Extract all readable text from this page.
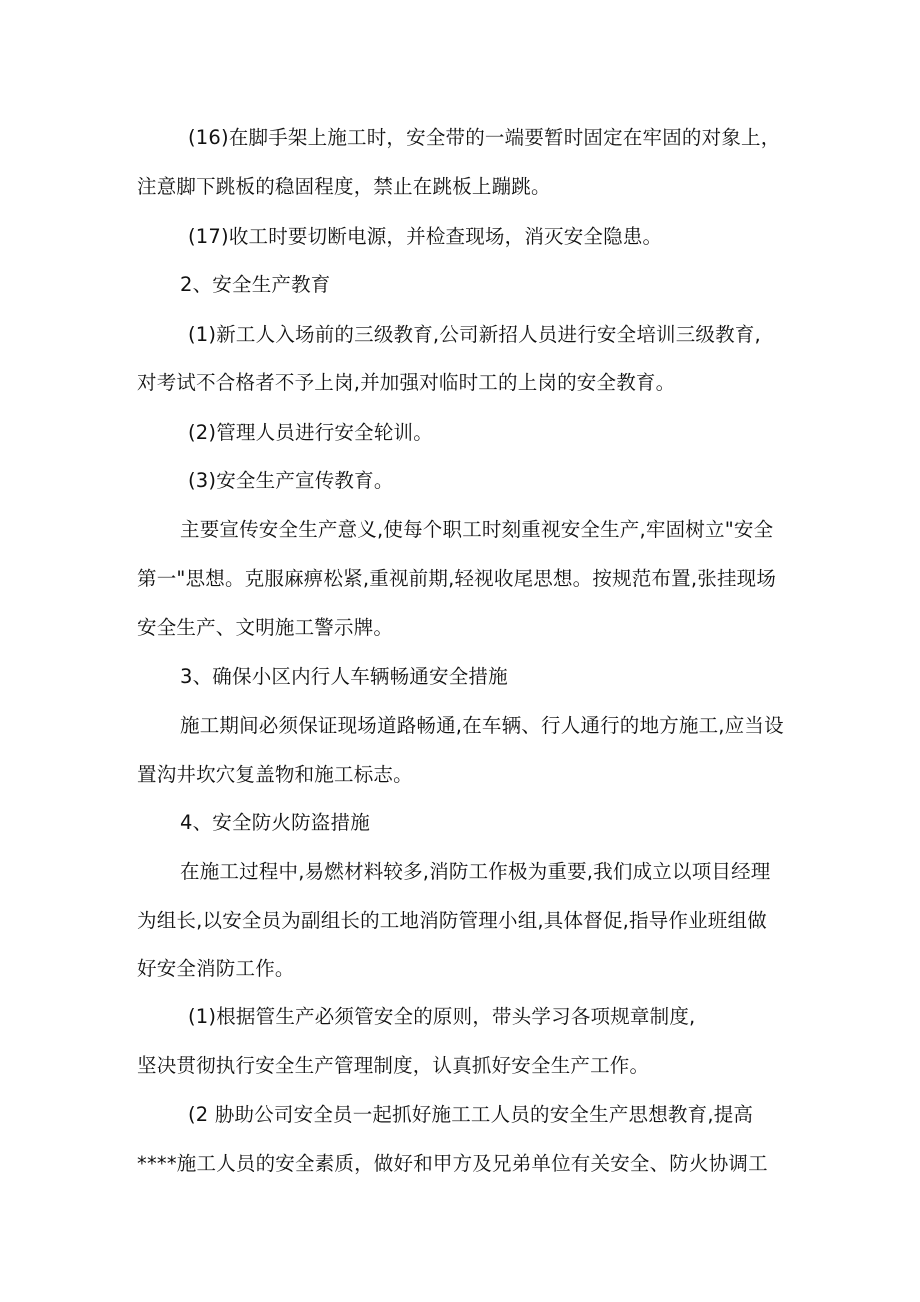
(16)在脚手架上施工时，安全带的一端要暂时固定在牢固的对象上，
注意脚下跳板的稳固程度，禁止在跳板上蹦跳。
(17)收工时要切断电源，并检查现场，消灭安全隐患。
2、安全生产教育
(1)新工人入场前的三级教育,公司新招人员进行安全培训三级教育,
对考试不合格者不予上岗,并加强对临时工的上岗的安全教育。
(2)管理人员进行安全轮训。
(3)安全生产宣传教育。
主要宣传安全生产意义,使每个职工时刻重视安全生产,牢固树立"安全
第一"思想。克服麻痹松紧,重视前期,轻视收尾思想。按规范布置,张挂现场
安全生产、文明施工警示牌。
3、确保小区内行人车辆畅通安全措施
施工期间必须保证现场道路畅通,在车辆、行人通行的地方施工,应当设
置沟井坎穴复盖物和施工标志。
4、安全防火防盗措施
在施工过程中,易燃材料较多,消防工作极为重要,我们成立以项目经理
为组长,以安全员为副组长的工地消防管理小组,具体督促,指导作业班组做
好安全消防工作。
(1)根据管生产必须管安全的原则，带头学习各项规章制度,
坚决贯彻执行安全生产管理制度，认真抓好安全生产工作。
(2 胁助公司安全员一起抓好施工工人员的安全生产思想教育,提高
****施工人员的安全素质，做好和甲方及兄弟单位有关安全、防火协调工
